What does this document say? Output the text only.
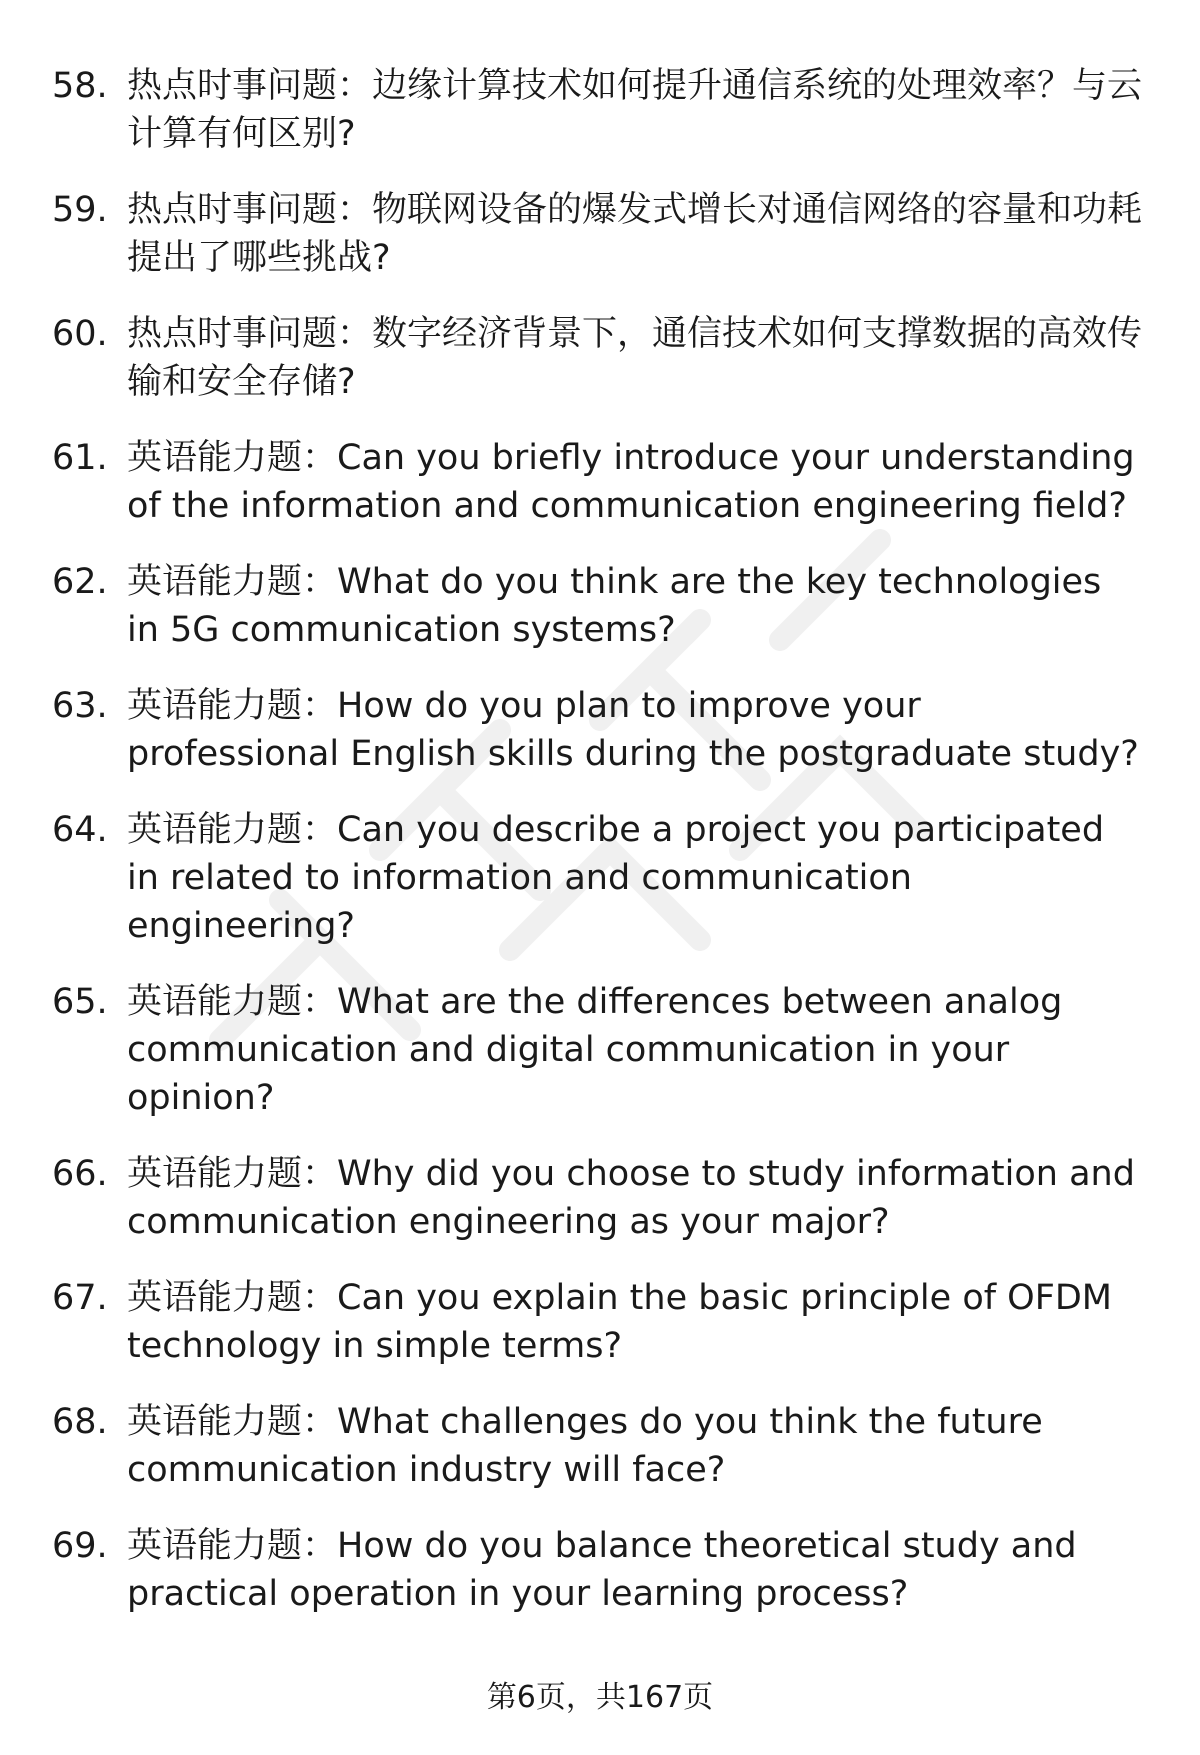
58. 热点时事问题：边缘计算技术如何提升通信系统的处理效率？与云计算有何区别?
59. 热点时事问题：物联网设备的爆发式增长对通信网络的容量和功耗提出了哪些挑战?
60. 热点时事问题：数字经济背景下，通信技术如何支撑数据的高效传输和安全存储?
61. 英语能力题：Can you briefly introduce your understanding of the information and communication engineering field?
62. 英语能力题：What do you think are the key technologies in 5G communication systems?
63. 英语能力题：How do you plan to improve your professional English skills during the postgraduate study?
64. 英语能力题：Can you describe a project you participated in related to information and communication engineering?
65. 英语能力题：What are the differences between analog communication and digital communication in your opinion?
66. 英语能力题：Why did you choose to study information and communication engineering as your major?
67. 英语能力题：Can you explain the basic principle of OFDM technology in simple terms?
68. 英语能力题：What challenges do you think the future communication industry will face?
69. 英语能力题：How do you balance theoretical study and practical operation in your learning process?
第6页，共167页
